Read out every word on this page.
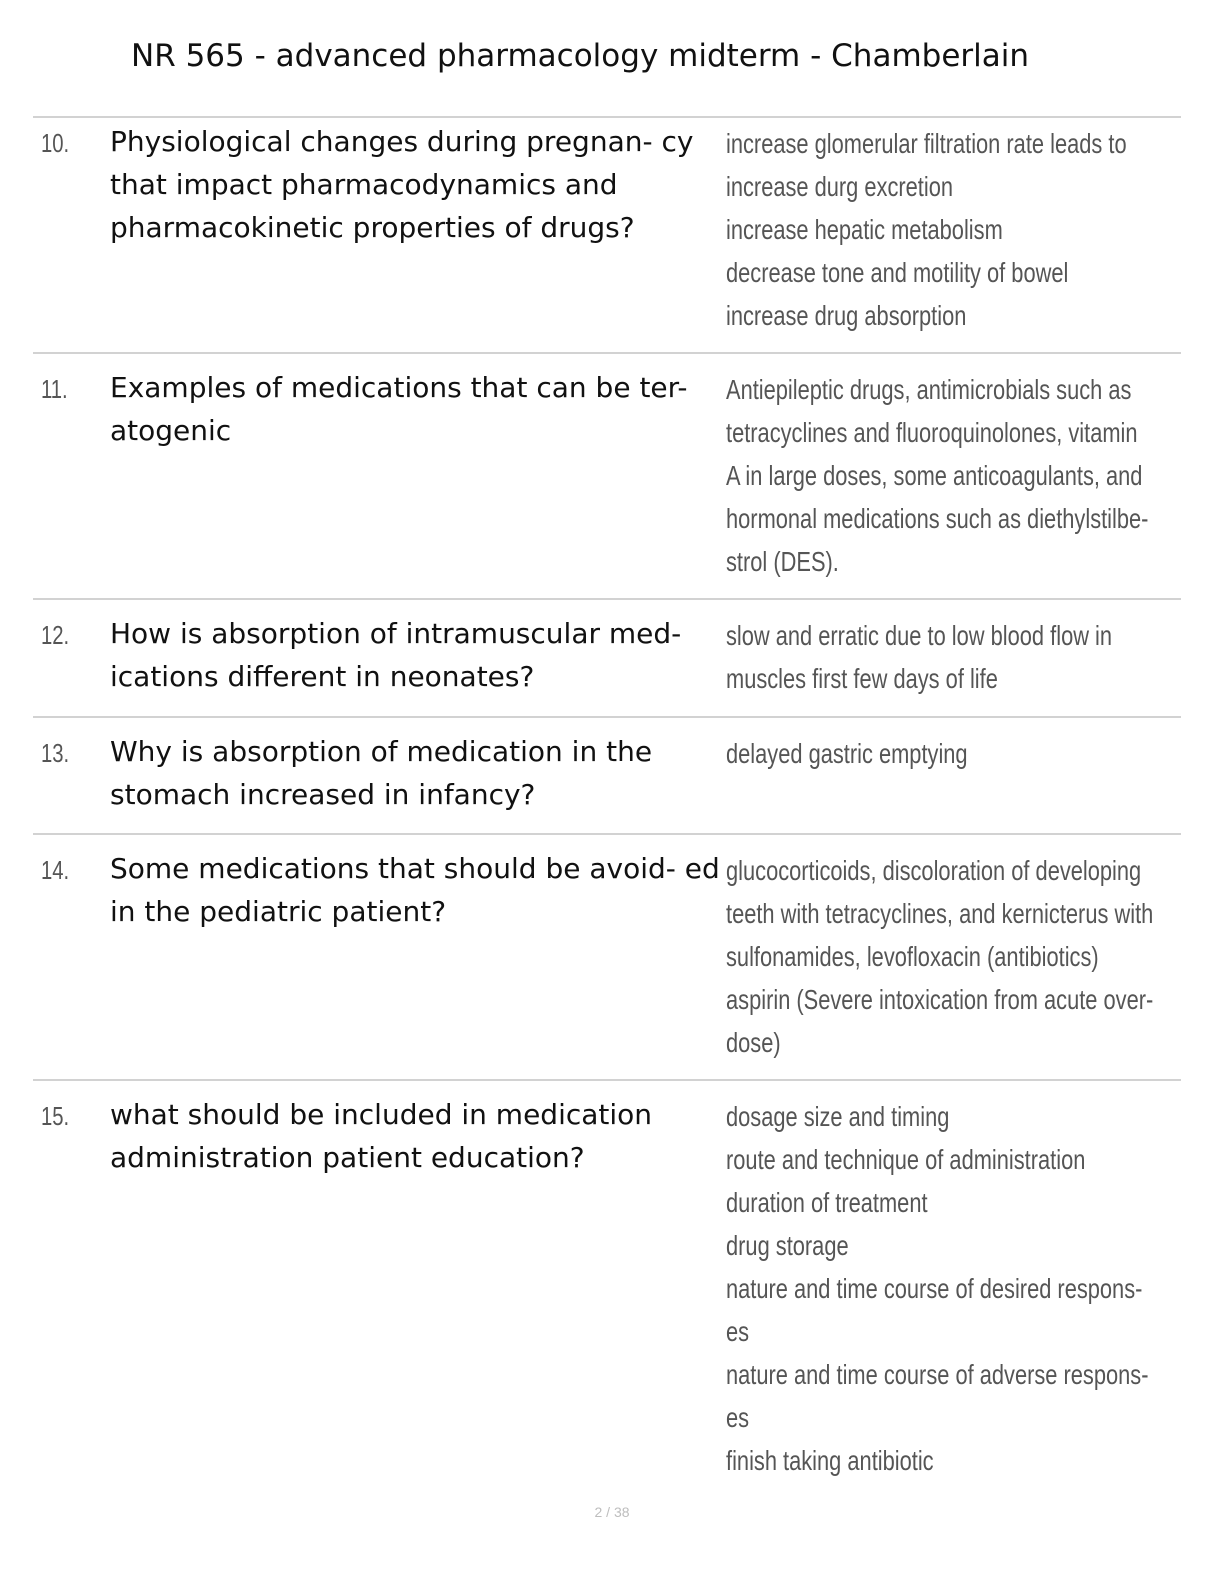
NR 565 - advanced pharmacology midterm - Chamberlain
10. Physiological changes during pregnan- cy that impact pharmacodynamics and pharmacokinetic properties of drugs?

increase glomerular filtration rate leads to
increase durg excretion
increase hepatic metabolism
decrease tone and motility of bowel
increase drug absorption
11. Examples of medications that can be ter- atogenic

Antiepileptic drugs, antimicrobials such as
tetracyclines and fluoroquinolones, vitamin
A in large doses, some anticoagulants, and
hormonal medications such as diethylstilbe-
strol (DES).
12. How is absorption of intramuscular med- ications different in neonates?

slow and erratic due to low blood flow in
muscles first few days of life
13. Why is absorption of medication in the stomach increased in infancy?

delayed gastric emptying
14. Some medications that should be avoid- ed in the pediatric patient?

glucocorticoids, discoloration of developing
teeth with tetracyclines, and kernicterus with
sulfonamides, levofloxacin (antibiotics)
aspirin (Severe intoxication from acute over-
dose)
15. what should be included in medication administration patient education?

dosage size and timing
route and technique of administration
duration of treatment
drug storage
nature and time course of desired respons-
es
nature and time course of adverse respons-
es
finish taking antibiotic
2 / 38
